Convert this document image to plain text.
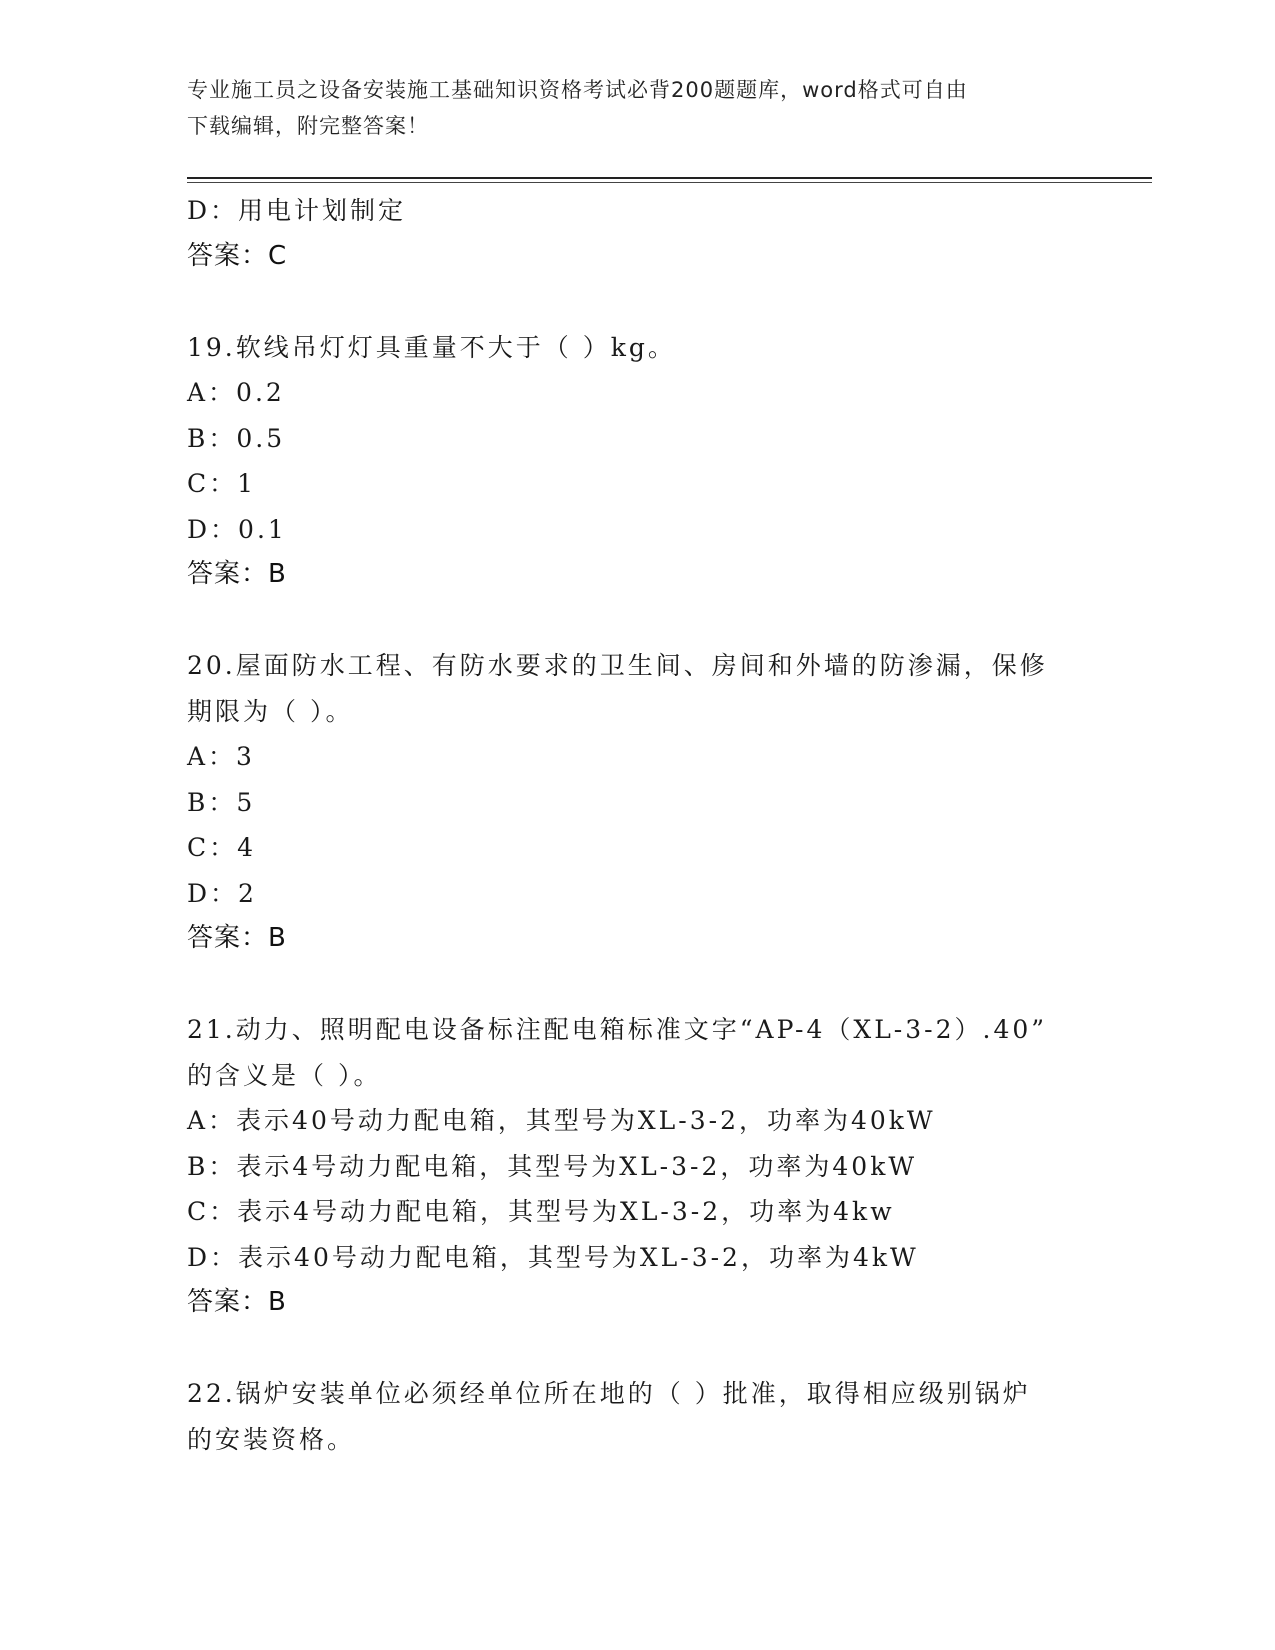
专业施工员之设备安装施工基础知识资格考试必背200题题库，word格式可自由
下载编辑，附完整答案！
D：用电计划制定
答案：C
19.软线吊灯灯具重量不大于（ ）kg。
A：0.2
B：0.5
C：1
D：0.1
答案：B
20.屋面防水工程、有防水要求的卫生间、房间和外墙的防渗漏，保修
期限为（ ）。
A：3
B：5
C：4
D：2
答案：B
21.动力、照明配电设备标注配电箱标准文字“AP-4（XL-3-2）.40”
的含义是（ ）。
A：表示40号动力配电箱，其型号为XL-3-2，功率为40kW
B：表示4号动力配电箱，其型号为XL-3-2，功率为40kW
C：表示4号动力配电箱，其型号为XL-3-2，功率为4kw
D：表示40号动力配电箱，其型号为XL-3-2，功率为4kW
答案：B
22.锅炉安装单位必须经单位所在地的（ ）批准，取得相应级别锅炉
的安装资格。
